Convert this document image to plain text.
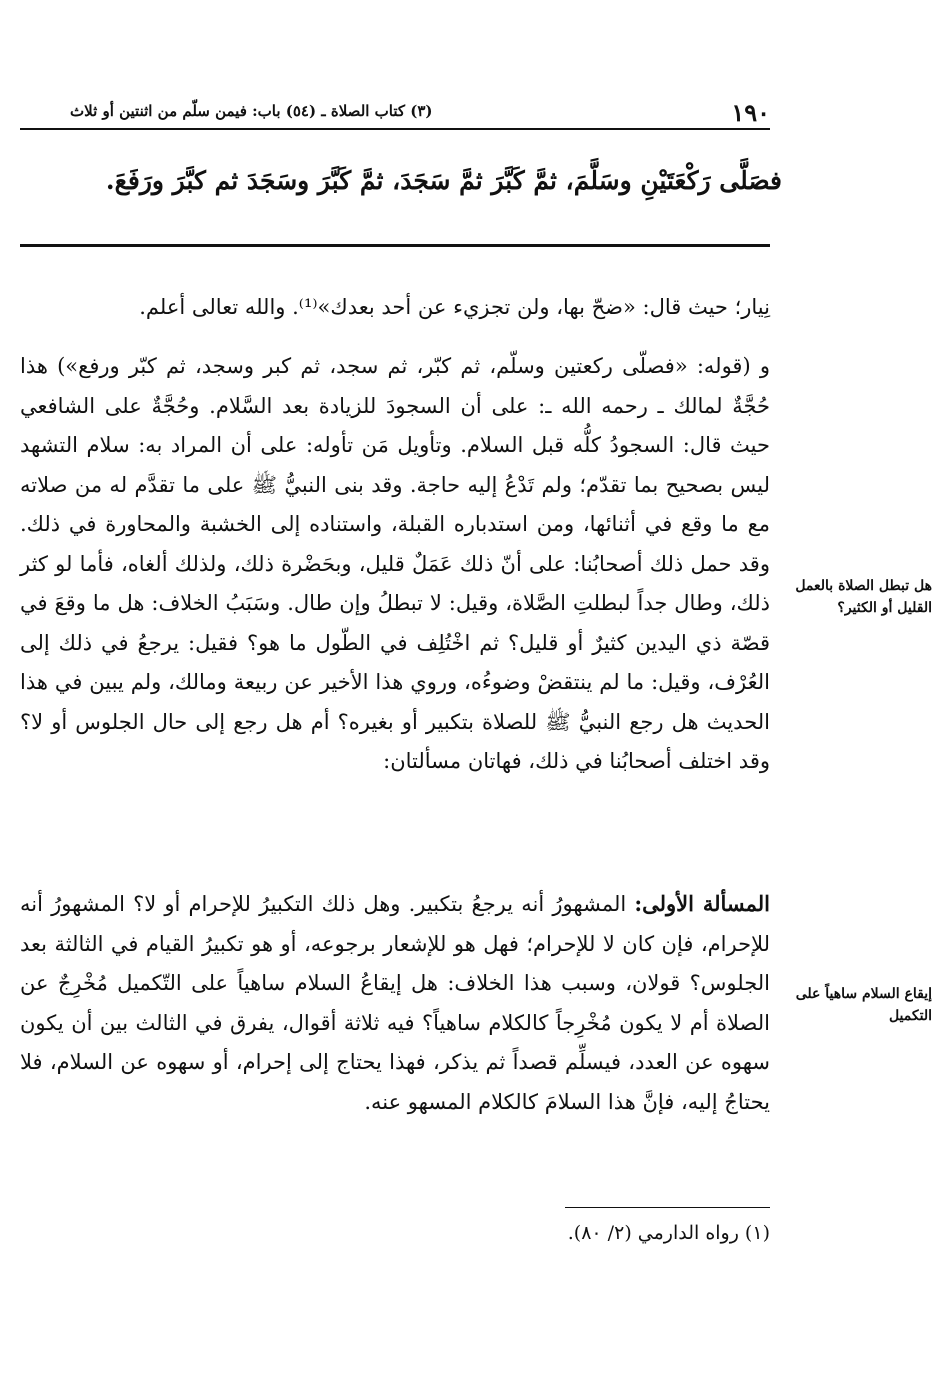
١٩٠
(٣) كتاب الصلاة ـ (٥٤) باب: فيمن سلّم من اثنتين أو ثلاث
فصَلَّى رَكْعَتَيْنِ وسَلَّمَ، ثمَّ كَبَّرَ ثمَّ سَجَدَ، ثمَّ كَبَّرَ وسَجَدَ ثم كبَّرَ ورَفَعَ.

نِيار؛ حيث قال: «ضحّ بها، ولن تجزيء عن أحد بعدك»⁽¹⁾. والله تعالى أعلم.

و (قوله: «فصلّى ركعتين وسلّم، ثم كبّر، ثم سجد، ثم كبر وسجد، ثم كبّر ورفع») هذا حُجَّةٌ لمالك ـ رحمه الله ـ: على أن السجودَ للزيادة بعد السَّلام. وحُجَّةٌ على الشافعي حيث قال: السجودُ كلُّه قبل السلام. وتأويل مَن تأوله: على أن المراد به: سلام التشهد ليس بصحيح بما تقدّم؛ ولم تَدْعُ إليه حاجة. وقد بنى النبيُّ ﷺ على ما تقدَّم له من صلاته مع ما وقع في أثنائها، ومن استدباره القبلة، واستناده إلى الخشبة والمحاورة في ذلك. وقد حمل ذلك أصحابُنا: على أنّ ذلك عَمَلٌ قليل، وبحَضْرة ذلك، ولذلك ألغاه، فأما لو كثر ذلك، وطال جداً لبطلتِ الصَّلاة، وقيل: لا تبطلُ وإن طال. وسَبَبُ الخلاف: هل ما وقعَ في قصّة ذي اليدين كثيرٌ أو قليل؟ ثم اخْتُلِف في الطّول ما هو؟ فقيل: يرجعُ في ذلك إلى العُرْف، وقيل: ما لم ينتقضْ وضوءُه، وروي هذا الأخير عن ربيعة ومالك، ولم يبين في هذا الحديث هل رجع النبيُّ ﷺ للصلاة بتكبير أو بغيره؟ أم هل رجع إلى حال الجلوس أو لا؟ وقد اختلف أصحابُنا في ذلك، فهاتان مسألتان:

المسألة الأولى: المشهورُ أنه يرجعُ بتكبير. وهل ذلك التكبيرُ للإحرام أو لا؟ المشهورُ أنه للإحرام، فإن كان لا للإحرام؛ فهل هو للإشعار برجوعه، أو هو تكبيرُ القيام في الثالثة بعد الجلوس؟ قولان، وسبب هذا الخلاف: هل إيقاعُ السلام ساهياً على التّكميل مُخْرِجٌ عن الصلاة أم لا يكون مُخْرِجاً كالكلام ساهياً؟ فيه ثلاثة أقوال، يفرق في الثالث بين أن يكون سهوه عن العدد، فيسلِّم قصداً ثم يذكر، فهذا يحتاج إلى إحرام، أو سهوه عن السلام، فلا يحتاجُ إليه، فإنَّ هذا السلامَ كالكلام المسهو عنه.

هل تبطل الصلاة بالعمل القليل أو الكثير؟
إيقاع السلام ساهياً على التكميل
(١) رواه الدارمي (٢/ ٨٠).
